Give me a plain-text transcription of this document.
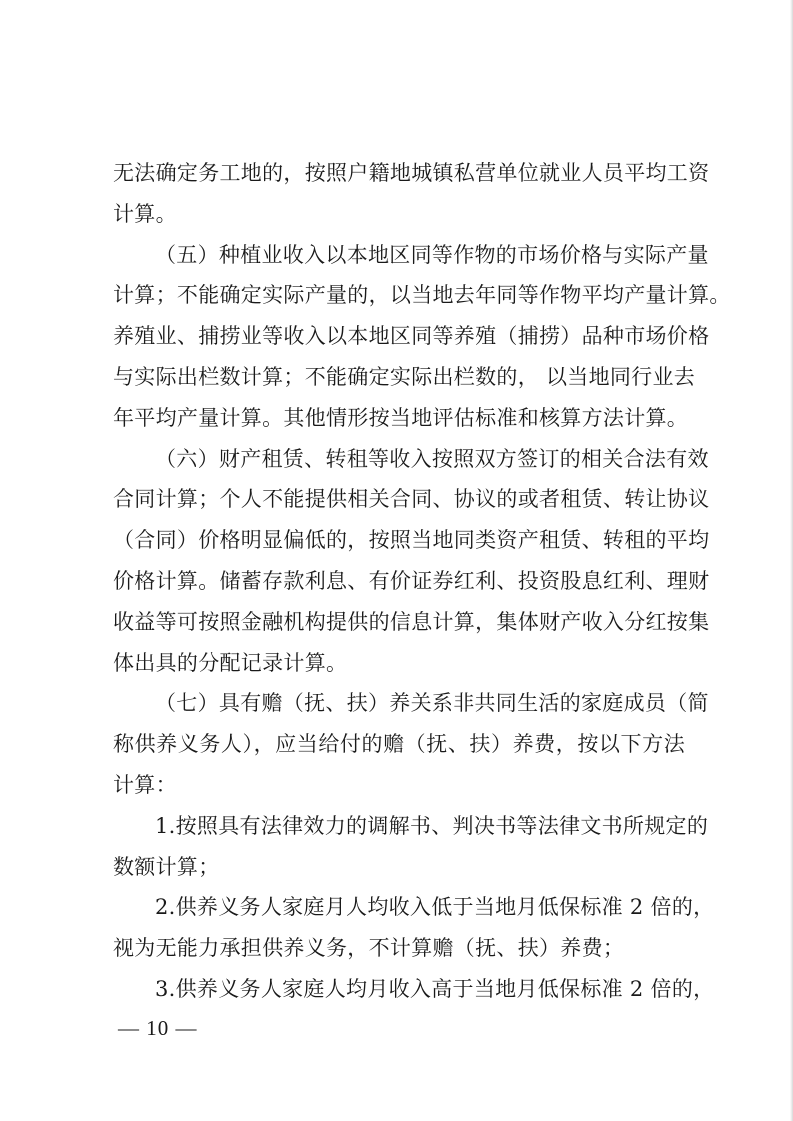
无法确定务工地的，按照户籍地城镇私营单位就业人员平均工资
计算。
（五）种植业收入以本地区同等作物的市场价格与实际产量
计算；不能确定实际产量的，以当地去年同等作物平均产量计算。
养殖业、捕捞业等收入以本地区同等养殖（捕捞）品种市场价格
与实际出栏数计算；不能确定实际出栏数的， 以当地同行业去
年平均产量计算。其他情形按当地评估标准和核算方法计算。
（六）财产租赁、转租等收入按照双方签订的相关合法有效
合同计算；个人不能提供相关合同、协议的或者租赁、转让协议
（合同）价格明显偏低的，按照当地同类资产租赁、转租的平均
价格计算。储蓄存款利息、有价证券红利、投资股息红利、理财
收益等可按照金融机构提供的信息计算，集体财产收入分红按集
体出具的分配记录计算。
（七）具有赡（抚、扶）养关系非共同生活的家庭成员（简
称供养义务人），应当给付的赡（抚、扶）养费，按以下方法
计算：
1.按照具有法律效力的调解书、判决书等法律文书所规定的
数额计算；
2.供养义务人家庭月人均收入低于当地月低保标准 2 倍的，
视为无能力承担供养义务，不计算赡（抚、扶）养费；
3.供养义务人家庭人均月收入高于当地月低保标准 2 倍的，
— 10 —
